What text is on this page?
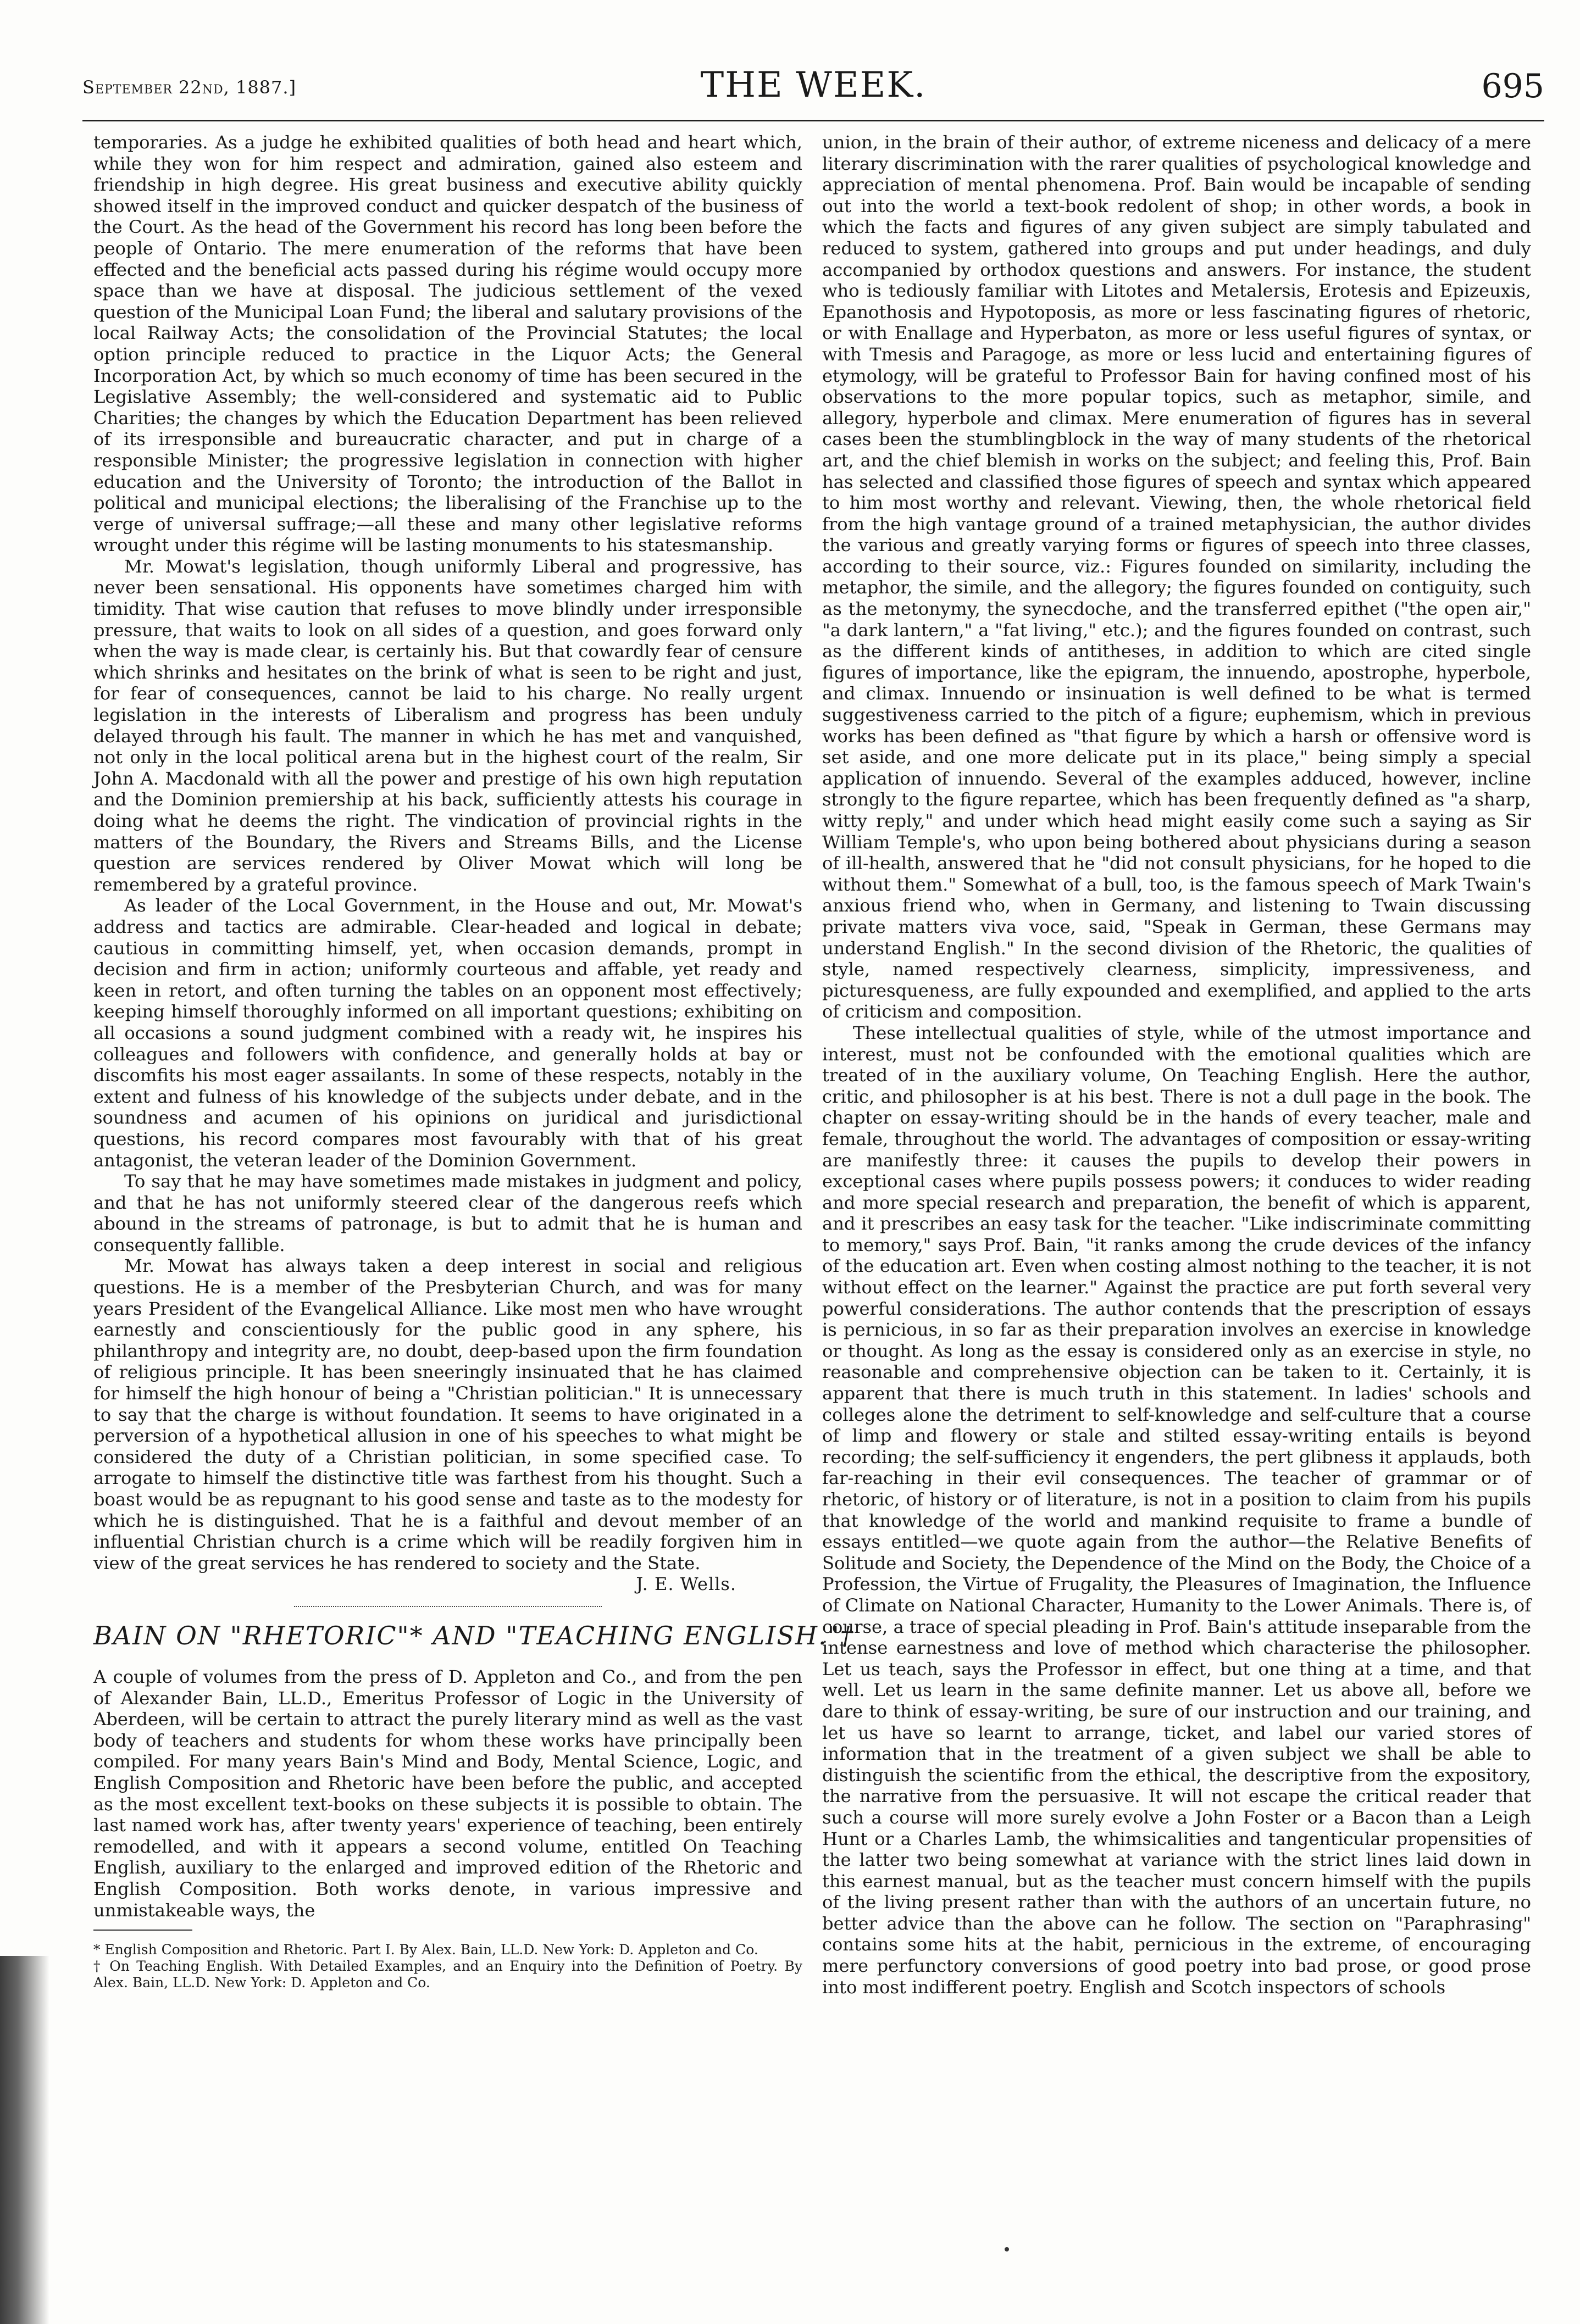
September 22nd, 1887.]	THE WEEK.	695

temporaries. As a judge he exhibited qualities of both head and heart which, while they won for him respect and admiration, gained also esteem and friendship in high degree. His great business and executive ability quickly showed itself in the improved conduct and quicker despatch of the business of the Court. As the head of the Government his record has long been before the people of Ontario. The mere enumeration of the reforms that have been effected and the beneficial acts passed during his régime would occupy more space than we have at disposal. The judicious settlement of the vexed question of the Municipal Loan Fund; the liberal and salutary provisions of the local Railway Acts; the consolidation of the Provincial Statutes; the local option principle reduced to practice in the Liquor Acts; the General Incorporation Act, by which so much economy of time has been secured in the Legislative Assembly; the well-considered and systematic aid to Public Charities; the changes by which the Education Department has been relieved of its irresponsible and bureaucratic character, and put in charge of a responsible Minister; the progressive legislation in connection with higher education and the University of Toronto; the introduction of the Ballot in political and municipal elections; the liberalising of the Franchise up to the verge of universal suffrage;—all these and many other legislative reforms wrought under this régime will be lasting monuments to his statesmanship.

Mr. Mowat's legislation, though uniformly Liberal and progressive, has never been sensational. His opponents have sometimes charged him with timidity. That wise caution that refuses to move blindly under irresponsible pressure, that waits to look on all sides of a question, and goes forward only when the way is made clear, is certainly his. But that cowardly fear of censure which shrinks and hesitates on the brink of what is seen to be right and just, for fear of consequences, cannot be laid to his charge. No really urgent legislation in the interests of Liberalism and progress has been unduly delayed through his fault. The manner in which he has met and vanquished, not only in the local political arena but in the highest court of the realm, Sir John A. Macdonald with all the power and prestige of his own high reputation and the Dominion premiership at his back, sufficiently attests his courage in doing what he deems the right. The vindication of provincial rights in the matters of the Boundary, the Rivers and Streams Bills, and the License question are services rendered by Oliver Mowat which will long be remembered by a grateful province.

As leader of the Local Government, in the House and out, Mr. Mowat's address and tactics are admirable. Clear-headed and logical in debate; cautious in committing himself, yet, when occasion demands, prompt in decision and firm in action; uniformly courteous and affable, yet ready and keen in retort, and often turning the tables on an opponent most effectively; keeping himself thoroughly informed on all important questions; exhibiting on all occasions a sound judgment combined with a ready wit, he inspires his colleagues and followers with confidence, and generally holds at bay or discomfits his most eager assailants. In some of these respects, notably in the extent and fulness of his knowledge of the subjects under debate, and in the soundness and acumen of his opinions on juridical and jurisdictional questions, his record compares most favourably with that of his great antagonist, the veteran leader of the Dominion Government.

To say that he may have sometimes made mistakes in judgment and policy, and that he has not uniformly steered clear of the dangerous reefs which abound in the streams of patronage, is but to admit that he is human and consequently fallible.

Mr. Mowat has always taken a deep interest in social and religious questions. He is a member of the Presbyterian Church, and was for many years President of the Evangelical Alliance. Like most men who have wrought earnestly and conscientiously for the public good in any sphere, his philanthropy and integrity are, no doubt, deep-based upon the firm foundation of religious principle. It has been sneeringly insinuated that he has claimed for himself the high honour of being a "Christian politician." It is unnecessary to say that the charge is without foundation. It seems to have originated in a perversion of a hypothetical allusion in one of his speeches to what might be considered the duty of a Christian politician, in some specified case. To arrogate to himself the distinctive title was farthest from his thought. Such a boast would be as repugnant to his good sense and taste as to the modesty for which he is distinguished. That he is a faithful and devout member of an influential Christian church is a crime which will be readily forgiven him in view of the great services he has rendered to society and the State.

J. E. Wells.

BAIN ON "RHETORIC"* AND "TEACHING ENGLISH."†

A couple of volumes from the press of D. Appleton and Co., and from the pen of Alexander Bain, LL.D., Emeritus Professor of Logic in the University of Aberdeen, will be certain to attract the purely literary mind as well as the vast body of teachers and students for whom these works have principally been compiled. For many years Bain's Mind and Body, Mental Science, Logic, and English Composition and Rhetoric have been before the public, and accepted as the most excellent text-books on these subjects it is possible to obtain. The last named work has, after twenty years' experience of teaching, been entirely remodelled, and with it appears a second volume, entitled On Teaching English, auxiliary to the enlarged and improved edition of the Rhetoric and English Composition. Both works denote, in various impressive and unmistakeable ways, the

* English Composition and Rhetoric. Part I. By Alex. Bain, LL.D. New York: D. Appleton and Co.

† On Teaching English. With Detailed Examples, and an Enquiry into the Definition of Poetry. By Alex. Bain, LL.D. New York: D. Appleton and Co.

union, in the brain of their author, of extreme niceness and delicacy of a mere literary discrimination with the rarer qualities of psychological knowledge and appreciation of mental phenomena. Prof. Bain would be incapable of sending out into the world a text-book redolent of shop; in other words, a book in which the facts and figures of any given subject are simply tabulated and reduced to system, gathered into groups and put under headings, and duly accompanied by orthodox questions and answers. For instance, the student who is tediously familiar with Litotes and Metalersis, Erotesis and Epizeuxis, Epanothosis and Hypotoposis, as more or less fascinating figures of rhetoric, or with Enallage and Hyperbaton, as more or less useful figures of syntax, or with Tmesis and Paragoge, as more or less lucid and entertaining figures of etymology, will be grateful to Professor Bain for having confined most of his observations to the more popular topics, such as metaphor, simile, and allegory, hyperbole and climax. Mere enumeration of figures has in several cases been the stumblingblock in the way of many students of the rhetorical art, and the chief blemish in works on the subject; and feeling this, Prof. Bain has selected and classified those figures of speech and syntax which appeared to him most worthy and relevant. Viewing, then, the whole rhetorical field from the high vantage ground of a trained metaphysician, the author divides the various and greatly varying forms or figures of speech into three classes, according to their source, viz.: Figures founded on similarity, including the metaphor, the simile, and the allegory; the figures founded on contiguity, such as the metonymy, the synecdoche, and the transferred epithet ("the open air," "a dark lantern," a "fat living," etc.); and the figures founded on contrast, such as the different kinds of antitheses, in addition to which are cited single figures of importance, like the epigram, the innuendo, apostrophe, hyperbole, and climax. Innuendo or insinuation is well defined to be what is termed suggestiveness carried to the pitch of a figure; euphemism, which in previous works has been defined as "that figure by which a harsh or offensive word is set aside, and one more delicate put in its place," being simply a special application of innuendo. Several of the examples adduced, however, incline strongly to the figure repartee, which has been frequently defined as "a sharp, witty reply," and under which head might easily come such a saying as Sir William Temple's, who upon being bothered about physicians during a season of ill-health, answered that he "did not consult physicians, for he hoped to die without them." Somewhat of a bull, too, is the famous speech of Mark Twain's anxious friend who, when in Germany, and listening to Twain discussing private matters viva voce, said, "Speak in German, these Germans may understand English." In the second division of the Rhetoric, the qualities of style, named respectively clearness, simplicity, impressiveness, and picturesqueness, are fully expounded and exemplified, and applied to the arts of criticism and composition.

These intellectual qualities of style, while of the utmost importance and interest, must not be confounded with the emotional qualities which are treated of in the auxiliary volume, On Teaching English. Here the author, critic, and philosopher is at his best. There is not a dull page in the book. The chapter on essay-writing should be in the hands of every teacher, male and female, throughout the world. The advantages of composition or essay-writing are manifestly three: it causes the pupils to develop their powers in exceptional cases where pupils possess powers; it conduces to wider reading and more special research and preparation, the benefit of which is apparent, and it prescribes an easy task for the teacher. "Like indiscriminate committing to memory," says Prof. Bain, "it ranks among the crude devices of the infancy of the education art. Even when costing almost nothing to the teacher, it is not without effect on the learner." Against the practice are put forth several very powerful considerations. The author contends that the prescription of essays is pernicious, in so far as their preparation involves an exercise in knowledge or thought. As long as the essay is considered only as an exercise in style, no reasonable and comprehensive objection can be taken to it. Certainly, it is apparent that there is much truth in this statement. In ladies' schools and colleges alone the detriment to self-knowledge and self-culture that a course of limp and flowery or stale and stilted essay-writing entails is beyond recording; the self-sufficiency it engenders, the pert glibness it applauds, both far-reaching in their evil consequences. The teacher of grammar or of rhetoric, of history or of literature, is not in a position to claim from his pupils that knowledge of the world and mankind requisite to frame a bundle of essays entitled—we quote again from the author—the Relative Benefits of Solitude and Society, the Dependence of the Mind on the Body, the Choice of a Profession, the Virtue of Frugality, the Pleasures of Imagination, the Influence of Climate on National Character, Humanity to the Lower Animals. There is, of course, a trace of special pleading in Prof. Bain's attitude inseparable from the intense earnestness and love of method which characterise the philosopher. Let us teach, says the Professor in effect, but one thing at a time, and that well. Let us learn in the same definite manner. Let us above all, before we dare to think of essay-writing, be sure of our instruction and our training, and let us have so learnt to arrange, ticket, and label our varied stores of information that in the treatment of a given subject we shall be able to distinguish the scientific from the ethical, the descriptive from the expository, the narrative from the persuasive. It will not escape the critical reader that such a course will more surely evolve a John Foster or a Bacon than a Leigh Hunt or a Charles Lamb, the whimsicalities and tangenticular propensities of the latter two being somewhat at variance with the strict lines laid down in this earnest manual, but as the teacher must concern himself with the pupils of the living present rather than with the authors of an uncertain future, no better advice than the above can he follow. The section on "Paraphrasing" contains some hits at the habit, pernicious in the extreme, of encouraging mere perfunctory conversions of good poetry into bad prose, or good prose into most indifferent poetry. English and Scotch inspectors of schools
